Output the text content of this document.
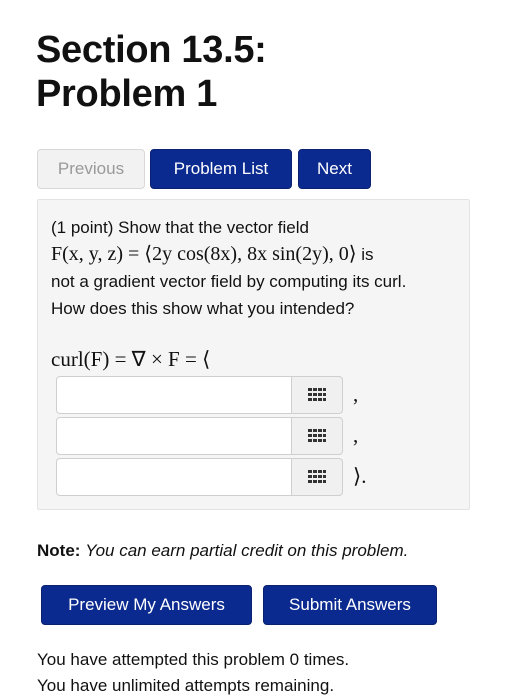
Section 13.5:
Problem 1
Previous	Problem List	Next
(1 point) Show that the vector field
F(x, y, z) = ⟨2y cos(8x), 8x sin(2y), 0⟩ is
not a gradient vector field by computing its curl.
How does this show what you intended?
curl(F) = ∇ × F = ⟨
,
,
⟩.
Note: You can earn partial credit on this problem.
Preview My Answers	Submit Answers
You have attempted this problem 0 times.
You have unlimited attempts remaining.
